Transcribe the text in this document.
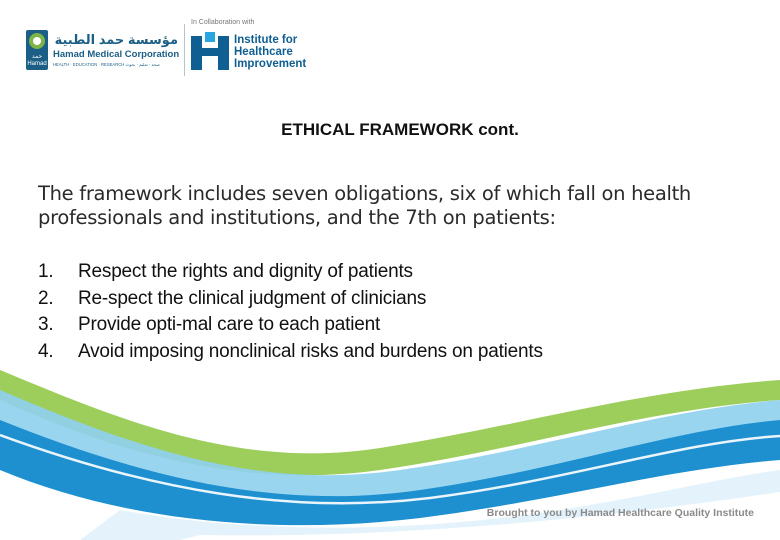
حمد Hamad
مؤسسة حمد الطبية
Hamad Medical Corporation
HEALTH · EDUCATION · RESEARCH صحة · تعليم · بحوث
In Collaboration with
Institute for
Healthcare
Improvement
ETHICAL FRAMEWORK cont.
The framework includes seven obligations, six of which fall on health professionals and institutions, and the 7th on patients:
1.	Respect the rights and dignity of patients
2.	Re-spect the clinical judgment of clinicians
3.	Provide opti-mal care to each patient
4.	Avoid imposing nonclinical risks and burdens on patients
Brought to you by Hamad Healthcare Quality Institute
